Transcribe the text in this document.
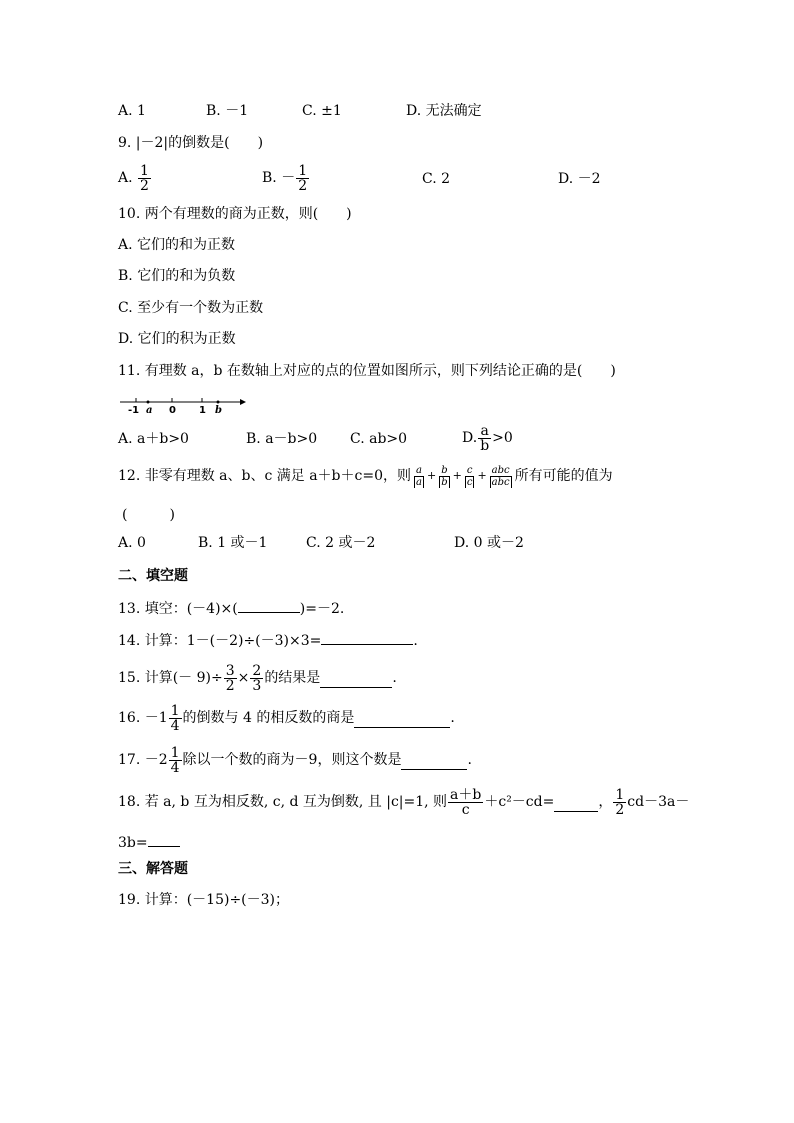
A. 1	B. －1	C. ±1	D. 无法确定
9. |－2|的倒数是(　　)
A.
$\frac{1}{2}$	B. － $\frac{1}{2}$	C. 2	D. －2
10. 两个有理数的商为正数，则(　　)
A. 它们的和为正数
B. 它们的和为负数
C. 至少有一个数为正数
D. 它们的积为正数
11. 有理数 a，b 在数轴上对应的点的位置如图所示，则下列结论正确的是(　　)
-1 a 0 1 b
A. a＋b>0	B. a－b>0 C. ab>0	D. $\frac{a}{b} >0$
12. 非零有理数 a、b、c 满足 a＋b＋c=0，则 $\frac{a}{a} + \frac{b}{b} + \frac{c}{c} + \frac{\text{abc}}{\text{abc}}$ 所有可能的值为
(　　　)
A. 0	B. 1 或－1	C. 2 或－2	D. 0 或－2
二、填空题
13. 填空：(－4)×(	)=－2.
14. 计算：1－(－2)÷(－3)×3=	.
15. 计算(－ $9)\div \frac{3}{2} \times \frac{2}{3}$ 的结果是	.
16. $-1 \frac{1}{4}$ 的倒数与 4 的相反数的商是	.
17. $-2 \frac{1}{4}$ 除以一个数的商为－9，则这个数是	.
18. 若 a, b 互为相反数, c, d 互为倒数, 且 |c|=1, 则 $\frac{a+b}{c} +c^2-cd=$	， $\frac{1}{2} cd-3a-$
3b=
三、解答题
19. 计算：(－15)÷(－3)；
